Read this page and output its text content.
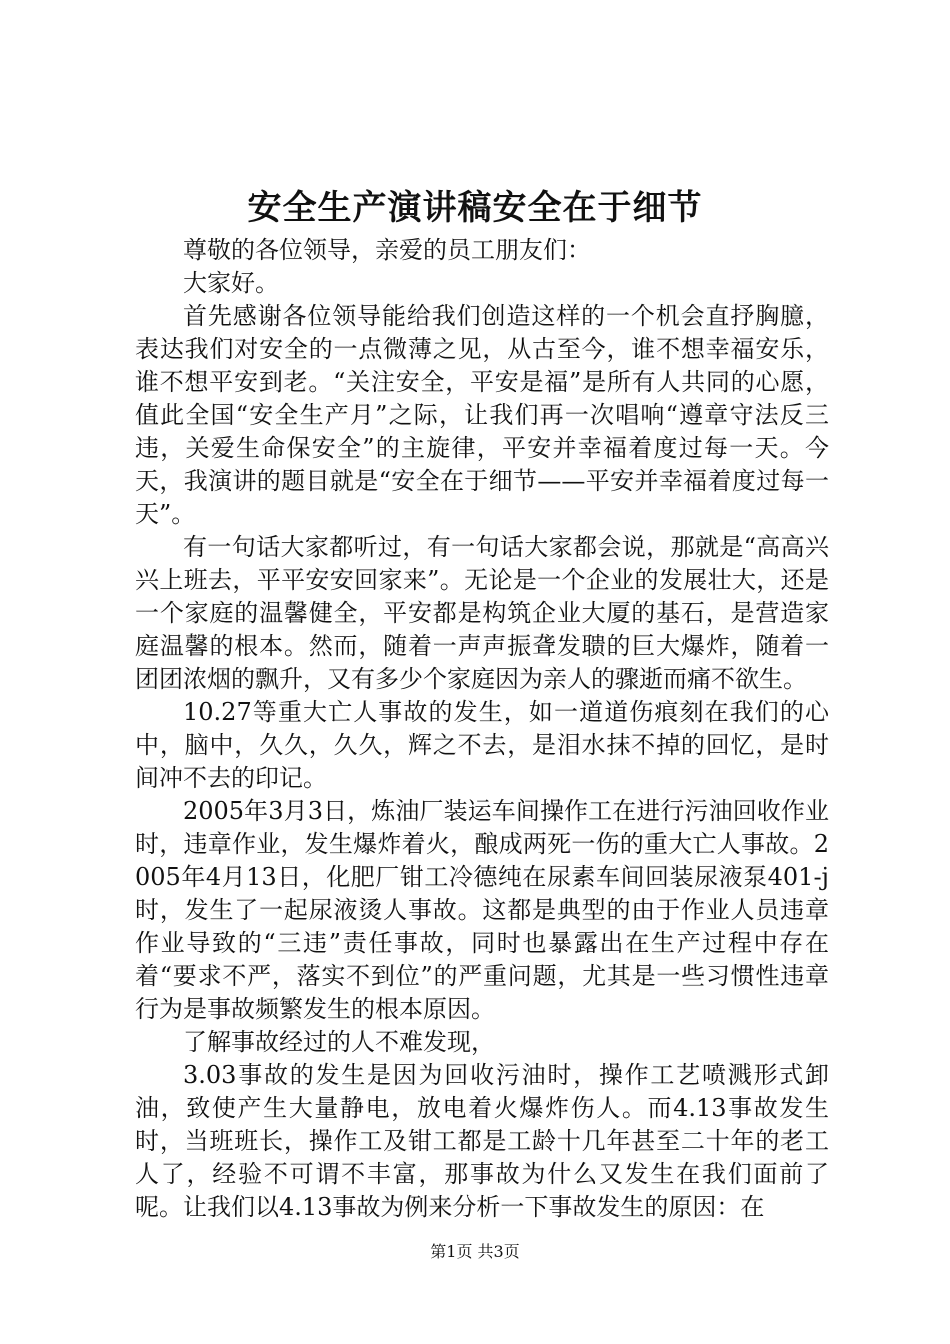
安全生产演讲稿安全在于细节

尊敬的各位领导，亲爱的员工朋友们：

大家好。

首先感谢各位领导能给我们创造这样的一个机会直抒胸臆，表达我们对安全的一点微薄之见，从古至今，谁不想幸福安乐，谁不想平安到老。“关注安全，平安是福”是所有人共同的心愿，值此全国“安全生产月”之际，让我们再一次唱响“遵章守法反三违，关爱生命保安全”的主旋律，平安并幸福着度过每一天。今天，我演讲的题目就是“安全在于细节——平安并幸福着度过每一天”。

有一句话大家都听过，有一句话大家都会说，那就是“高高兴兴上班去，平平安安回家来”。无论是一个企业的发展壮大，还是一个家庭的温馨健全，平安都是构筑企业大厦的基石，是营造家庭温馨的根本。然而，随着一声声振聋发聩的巨大爆炸，随着一团团浓烟的飘升，又有多少个家庭因为亲人的骤逝而痛不欲生。

10.27等重大亡人事故的发生，如一道道伤痕刻在我们的心中，脑中，久久，久久，辉之不去，是泪水抹不掉的回忆，是时间冲不去的印记。

2005年3月3日，炼油厂装运车间操作工在进行污油回收作业时，违章作业，发生爆炸着火，酿成两死一伤的重大亡人事故。2005年4月13日，化肥厂钳工冷德纯在尿素车间回装尿液泵401-j时，发生了一起尿液烫人事故。这都是典型的由于作业人员违章作业导致的“三违”责任事故，同时也暴露出在生产过程中存在着“要求不严，落实不到位”的严重问题，尤其是一些习惯性违章行为是事故频繁发生的根本原因。

了解事故经过的人不难发现，

3.03事故的发生是因为回收污油时，操作工艺喷溅形式卸油，致使产生大量静电，放电着火爆炸伤人。而4.13事故发生时，当班班长，操作工及钳工都是工龄十几年甚至二十年的老工人了，经验不可谓不丰富，那事故为什么又发生在我们面前了呢。让我们以4.13事故为例来分析一下事故发生的原因：在

第1页 共3页
